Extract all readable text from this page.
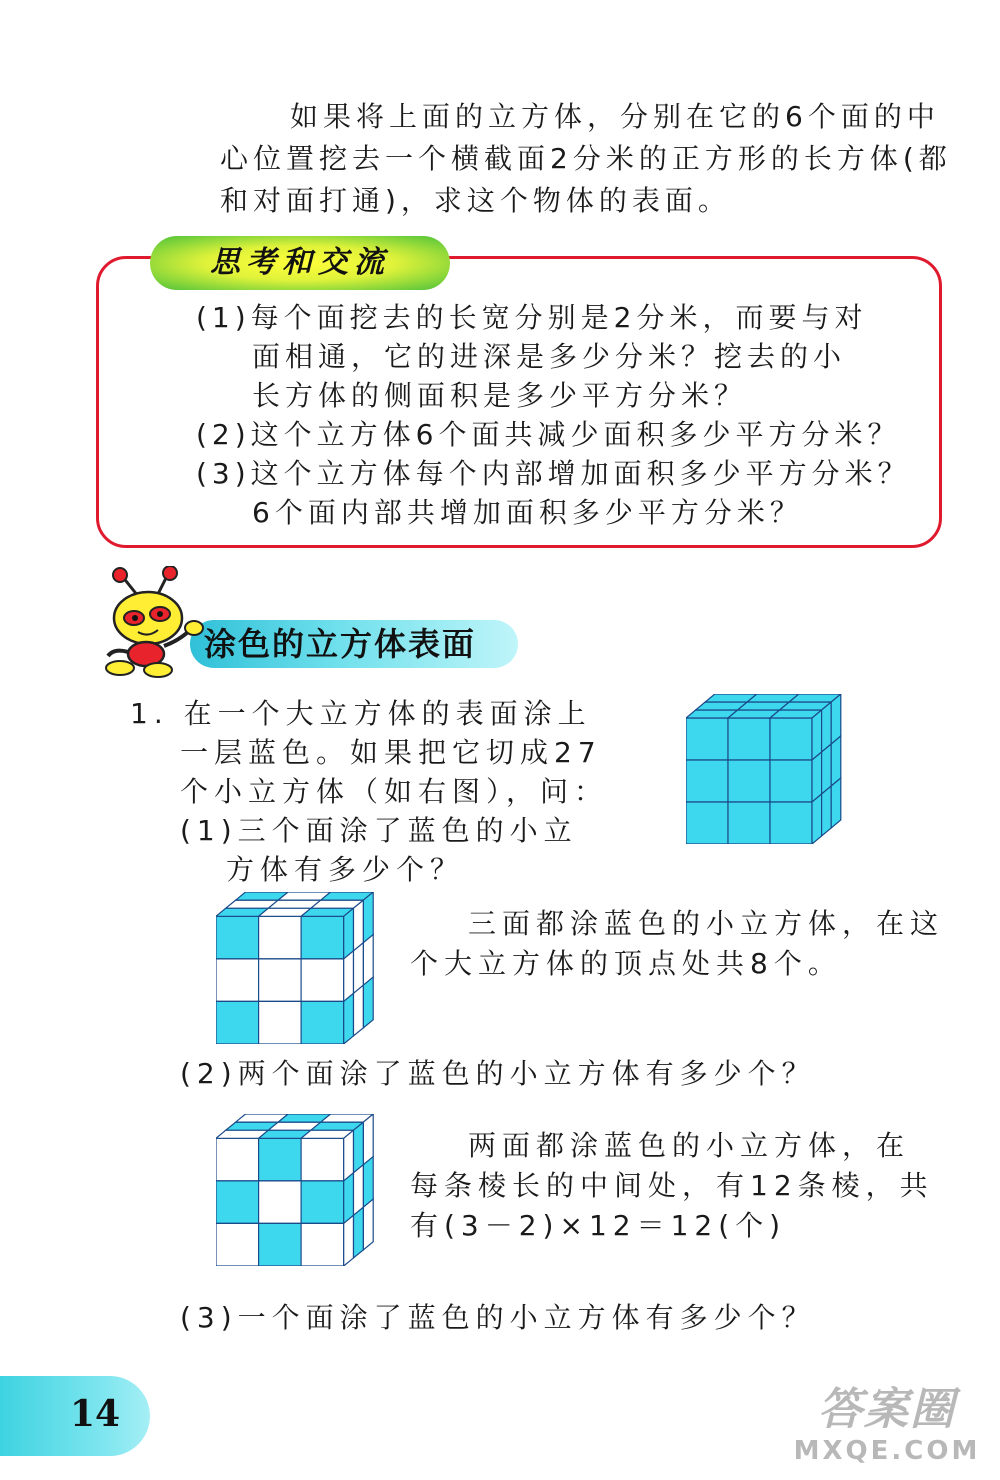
如果将上面的立方体，分别在它的6个面的中
心位置挖去一个横截面2分米的正方形的长方体(都
和对面打通)，求这个物体的表面。
思考和交流
(1)每个面挖去的长宽分别是2分米，而要与对
面相通，它的进深是多少分米？挖去的小
长方体的侧面积是多少平方分米？
(2)这个立方体6个面共减少面积多少平方分米？
(3)这个立方体每个内部增加面积多少平方分米？
6个面内部共增加面积多少平方分米？
涂色的立方体表面
1. 在一个大立方体的表面涂上
一层蓝色。如果把它切成27
个小立方体（如右图），问：
(1)三个面涂了蓝色的小立
方体有多少个？
三面都涂蓝色的小立方体，在这
个大立方体的顶点处共8个。
(2)两个面涂了蓝色的小立方体有多少个？
两面都涂蓝色的小立方体，在
每条棱长的中间处，有12条棱，共
有(3－2)×12＝12(个)
(3)一个面涂了蓝色的小立方体有多少个？
14	答案圈
MXQE.COM
